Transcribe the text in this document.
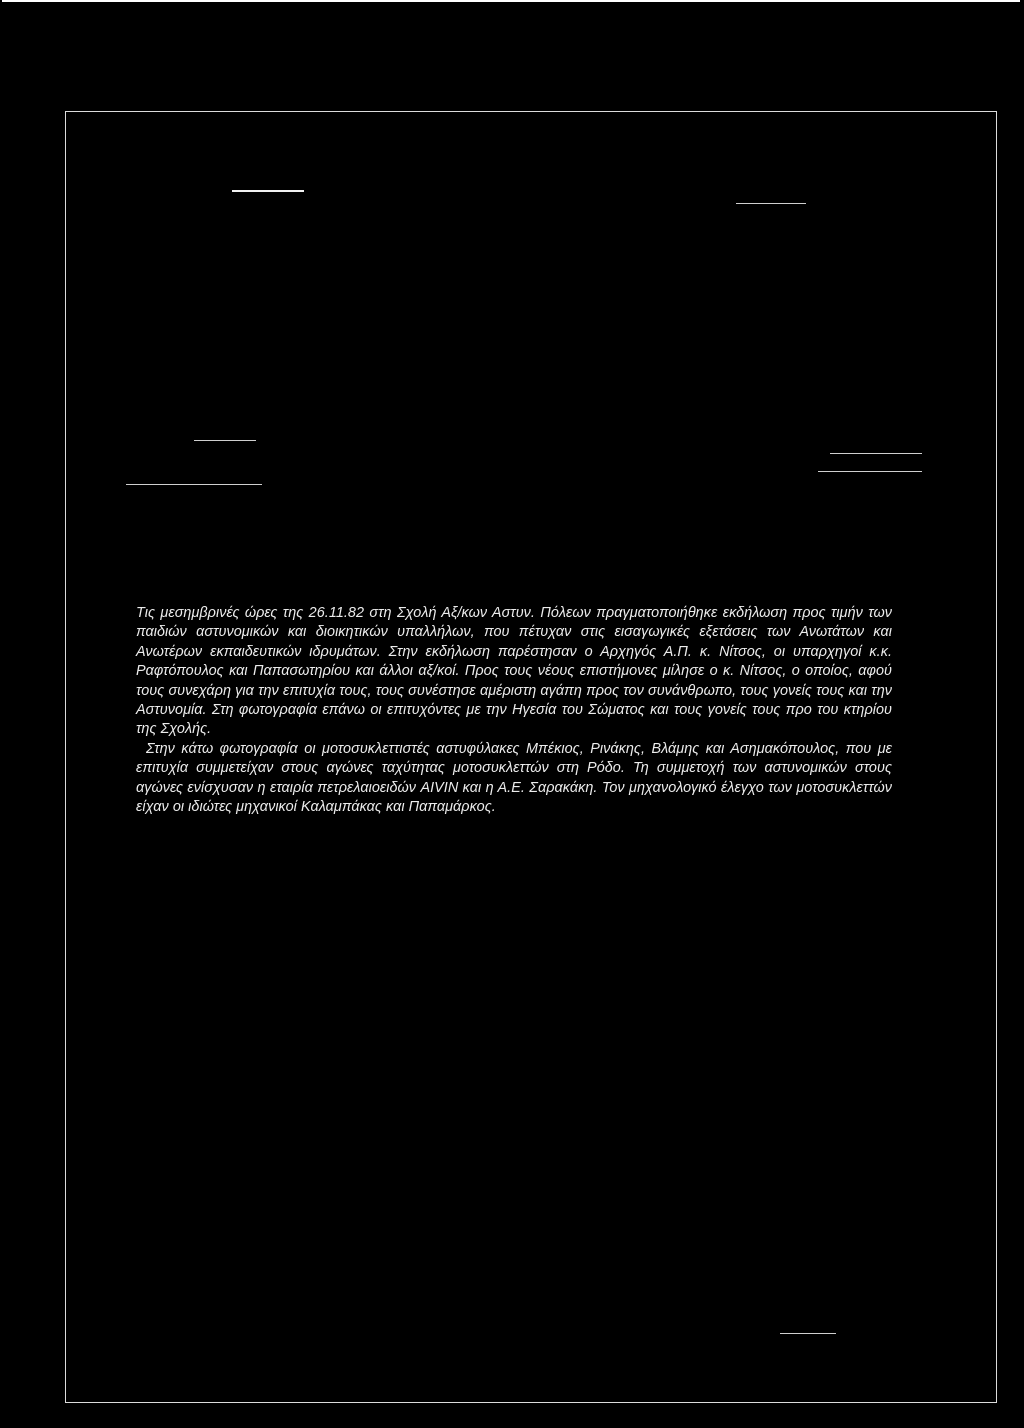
Τις μεσημβρινές ώρες της 26.11.82 στη Σχολή Αξ/κων Αστυν. Πόλεων πραγματοποιήθηκε εκδήλωση προς τιμήν των παιδιών αστυνομικών και διοικητικών υπαλλήλων, που πέτυχαν στις εισαγωγικές εξετάσεις των Ανωτάτων και Ανωτέρων εκπαιδευτικών ιδρυμάτων. Στην εκδήλωση παρέστησαν ο Αρχηγός Α.Π. κ. Νίτσος, οι υπαρχηγοί κ.κ. Ραφτόπουλος και Παπασωτηρίου και άλλοι αξ/κοί. Προς τους νέους επιστήμονες μίλησε ο κ. Νίτσος, ο οποίος, αφού τους συνεχάρη για την επιτυχία τους, τους συνέστησε αμέριστη αγάπη προς τον συνάνθρωπο, τους γονείς τους και την Αστυνομία. Στη φωτογραφία επάνω οι επιτυχόντες με την Ηγεσία του Σώματος και τους γονείς τους προ του κτηρίου της Σχολής.

Στην κάτω φωτογραφία οι μοτοσυκλεττιστές αστυφύλακες Μπέκιος, Ρινάκης, Βλάμης και Ασημακόπουλος, που με επιτυχία συμμετείχαν στους αγώνες ταχύτητας μοτοσυκλεττών στη Ρόδο. Τη συμμετοχή των αστυνομικών στους αγώνες ενίσχυσαν η εταιρία πετρελαιοειδών AIVIN και η Α.Ε. Σαρακάκη. Τον μηχανολογικό έλεγχο των μοτοσυκλεττών είχαν οι ιδιώτες μηχανικοί Καλαμπάκας και Παπαμάρκος.
